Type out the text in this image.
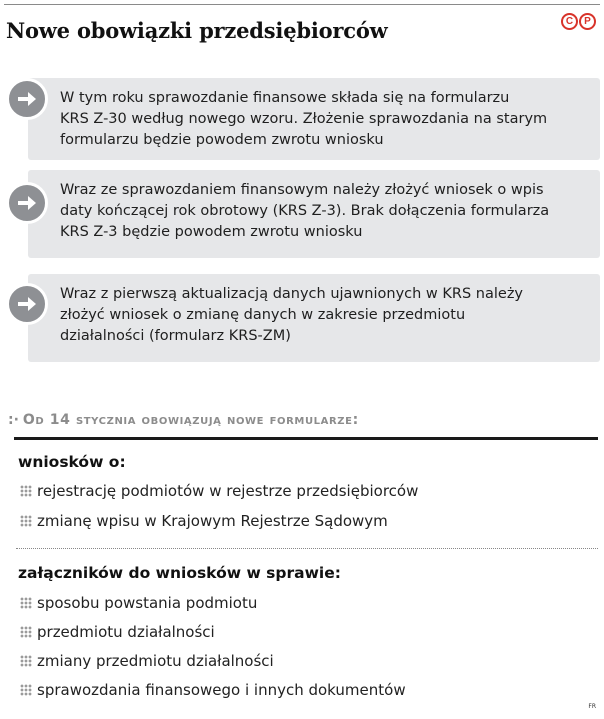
Nowe obowiązki przedsiębiorców	C	P
W tym roku sprawozdanie finansowe składa się na formularzu
KRS Z-30 według nowego wzoru. Złożenie sprawozdania na starym
formularzu będzie powodem zwrotu wniosku
Wraz ze sprawozdaniem finansowym należy złożyć wniosek o wpis
daty kończącej rok obrotowy (KRS Z-3). Brak dołączenia formularza
KRS Z-3 będzie powodem zwrotu wniosku
Wraz z pierwszą aktualizacją danych ujawnionych w KRS należy
złożyć wniosek o zmianę danych w zakresie przedmiotu
działalności (formularz KRS-ZM)
:· Od 14 stycznia obowiązują nowe formularze:
wniosków o:
rejestrację podmiotów w rejestrze przedsiębiorców
zmianę wpisu w Krajowym Rejestrze Sądowym
załączników do wniosków w sprawie:
sposobu powstania podmiotu
przedmiotu działalności
zmiany przedmiotu działalności
sprawozdania finansowego i innych dokumentów
FR
